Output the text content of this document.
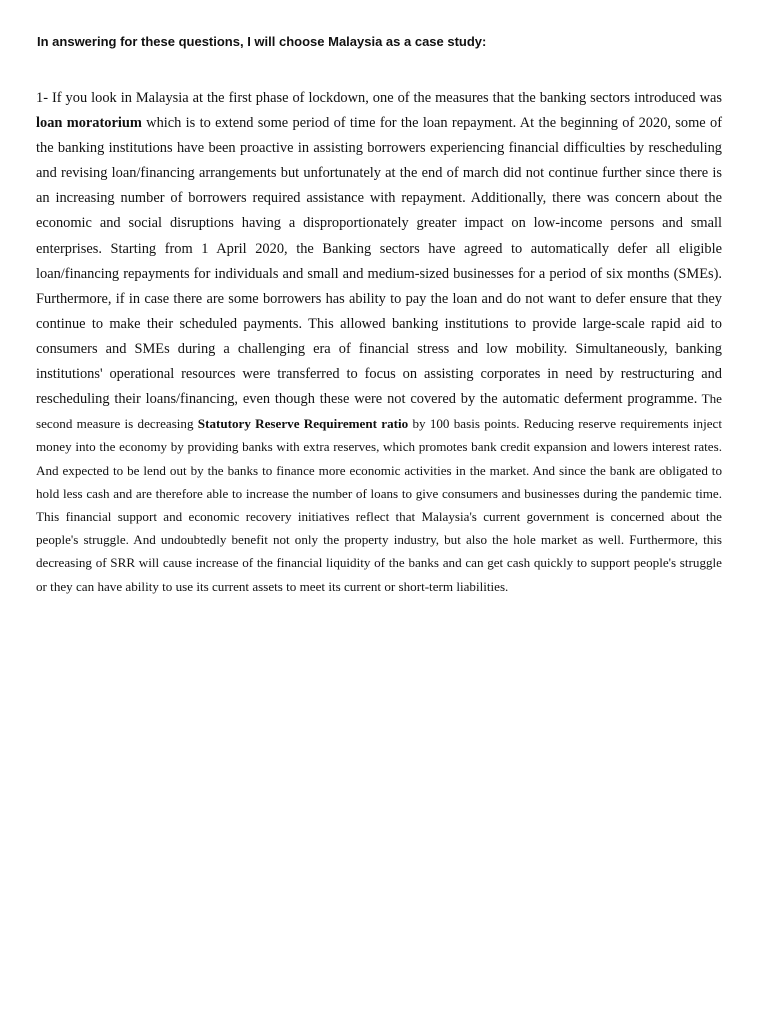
In answering for these questions, I will choose Malaysia as a case study:

1- If you look in Malaysia at the first phase of lockdown, one of the measures that the banking sectors introduced was loan moratorium which is to extend some period of time for the loan repayment. At the beginning of 2020, some of the banking institutions have been proactive in assisting borrowers experiencing financial difficulties by rescheduling and revising loan/financing arrangements but unfortunately at the end of march did not continue further since there is an increasing number of borrowers required assistance with repayment. Additionally, there was concern about the economic and social disruptions having a disproportionately greater impact on low-income persons and small enterprises. Starting from 1 April 2020, the Banking sectors have agreed to automatically defer all eligible loan/financing repayments for individuals and small and medium-sized businesses for a period of six months (SMEs). Furthermore, if in case there are some borrowers has ability to pay the loan and do not want to defer ensure that they continue to make their scheduled payments. This allowed banking institutions to provide large-scale rapid aid to consumers and SMEs during a challenging era of financial stress and low mobility. Simultaneously, banking institutions' operational resources were transferred to focus on assisting corporates in need by restructuring and rescheduling their loans/financing, even though these were not covered by the automatic deferment programme. The second measure is decreasing Statutory Reserve Requirement ratio by 100 basis points. Reducing reserve requirements inject money into the economy by providing banks with extra reserves, which promotes bank credit expansion and lowers interest rates. And expected to be lend out by the banks to finance more economic activities in the market. And since the bank are obligated to hold less cash and are therefore able to increase the number of loans to give consumers and businesses during the pandemic time. This financial support and economic recovery initiatives reflect that Malaysia's current government is concerned about the people's struggle. And undoubtedly benefit not only the property industry, but also the hole market as well. Furthermore, this decreasing of SRR will cause increase of the financial liquidity of the banks and can get cash quickly to support people's struggle or they can have ability to use its current assets to meet its current or short-term liabilities.
